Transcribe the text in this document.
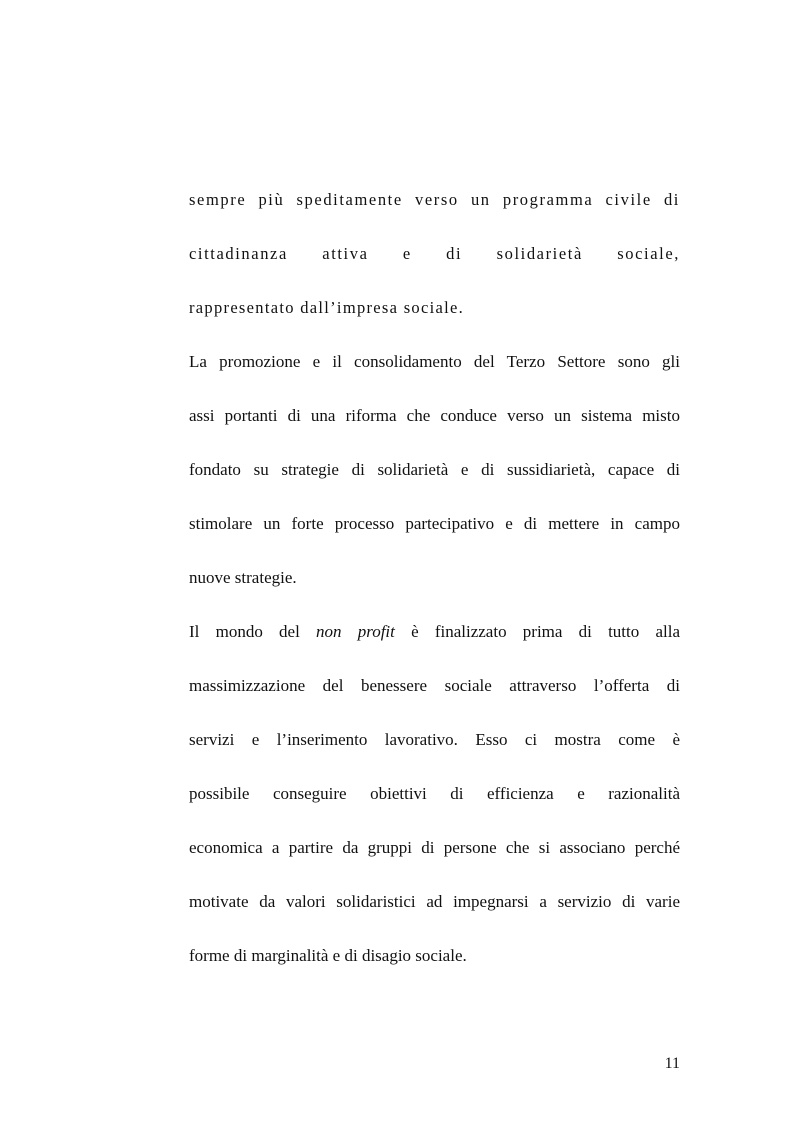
sempre più speditamente verso un programma civile di
cittadinanza attiva e di solidarietà sociale,
rappresentato dall’impresa sociale.
La promozione e il consolidamento del Terzo Settore sono gli
assi portanti di una riforma che conduce verso un sistema misto
fondato su strategie di solidarietà e di sussidiarietà, capace di
stimolare un forte processo partecipativo e di mettere in campo
nuove strategie.
Il mondo del non profit è finalizzato prima di tutto alla
massimizzazione del benessere sociale attraverso l’offerta di
servizi e l’inserimento lavorativo. Esso ci mostra come è
possibile conseguire obiettivi di efficienza e razionalità
economica a partire da gruppi di persone che si associano perché
motivate da valori solidaristici ad impegnarsi a servizio di varie
forme di marginalità e di disagio sociale.
11
